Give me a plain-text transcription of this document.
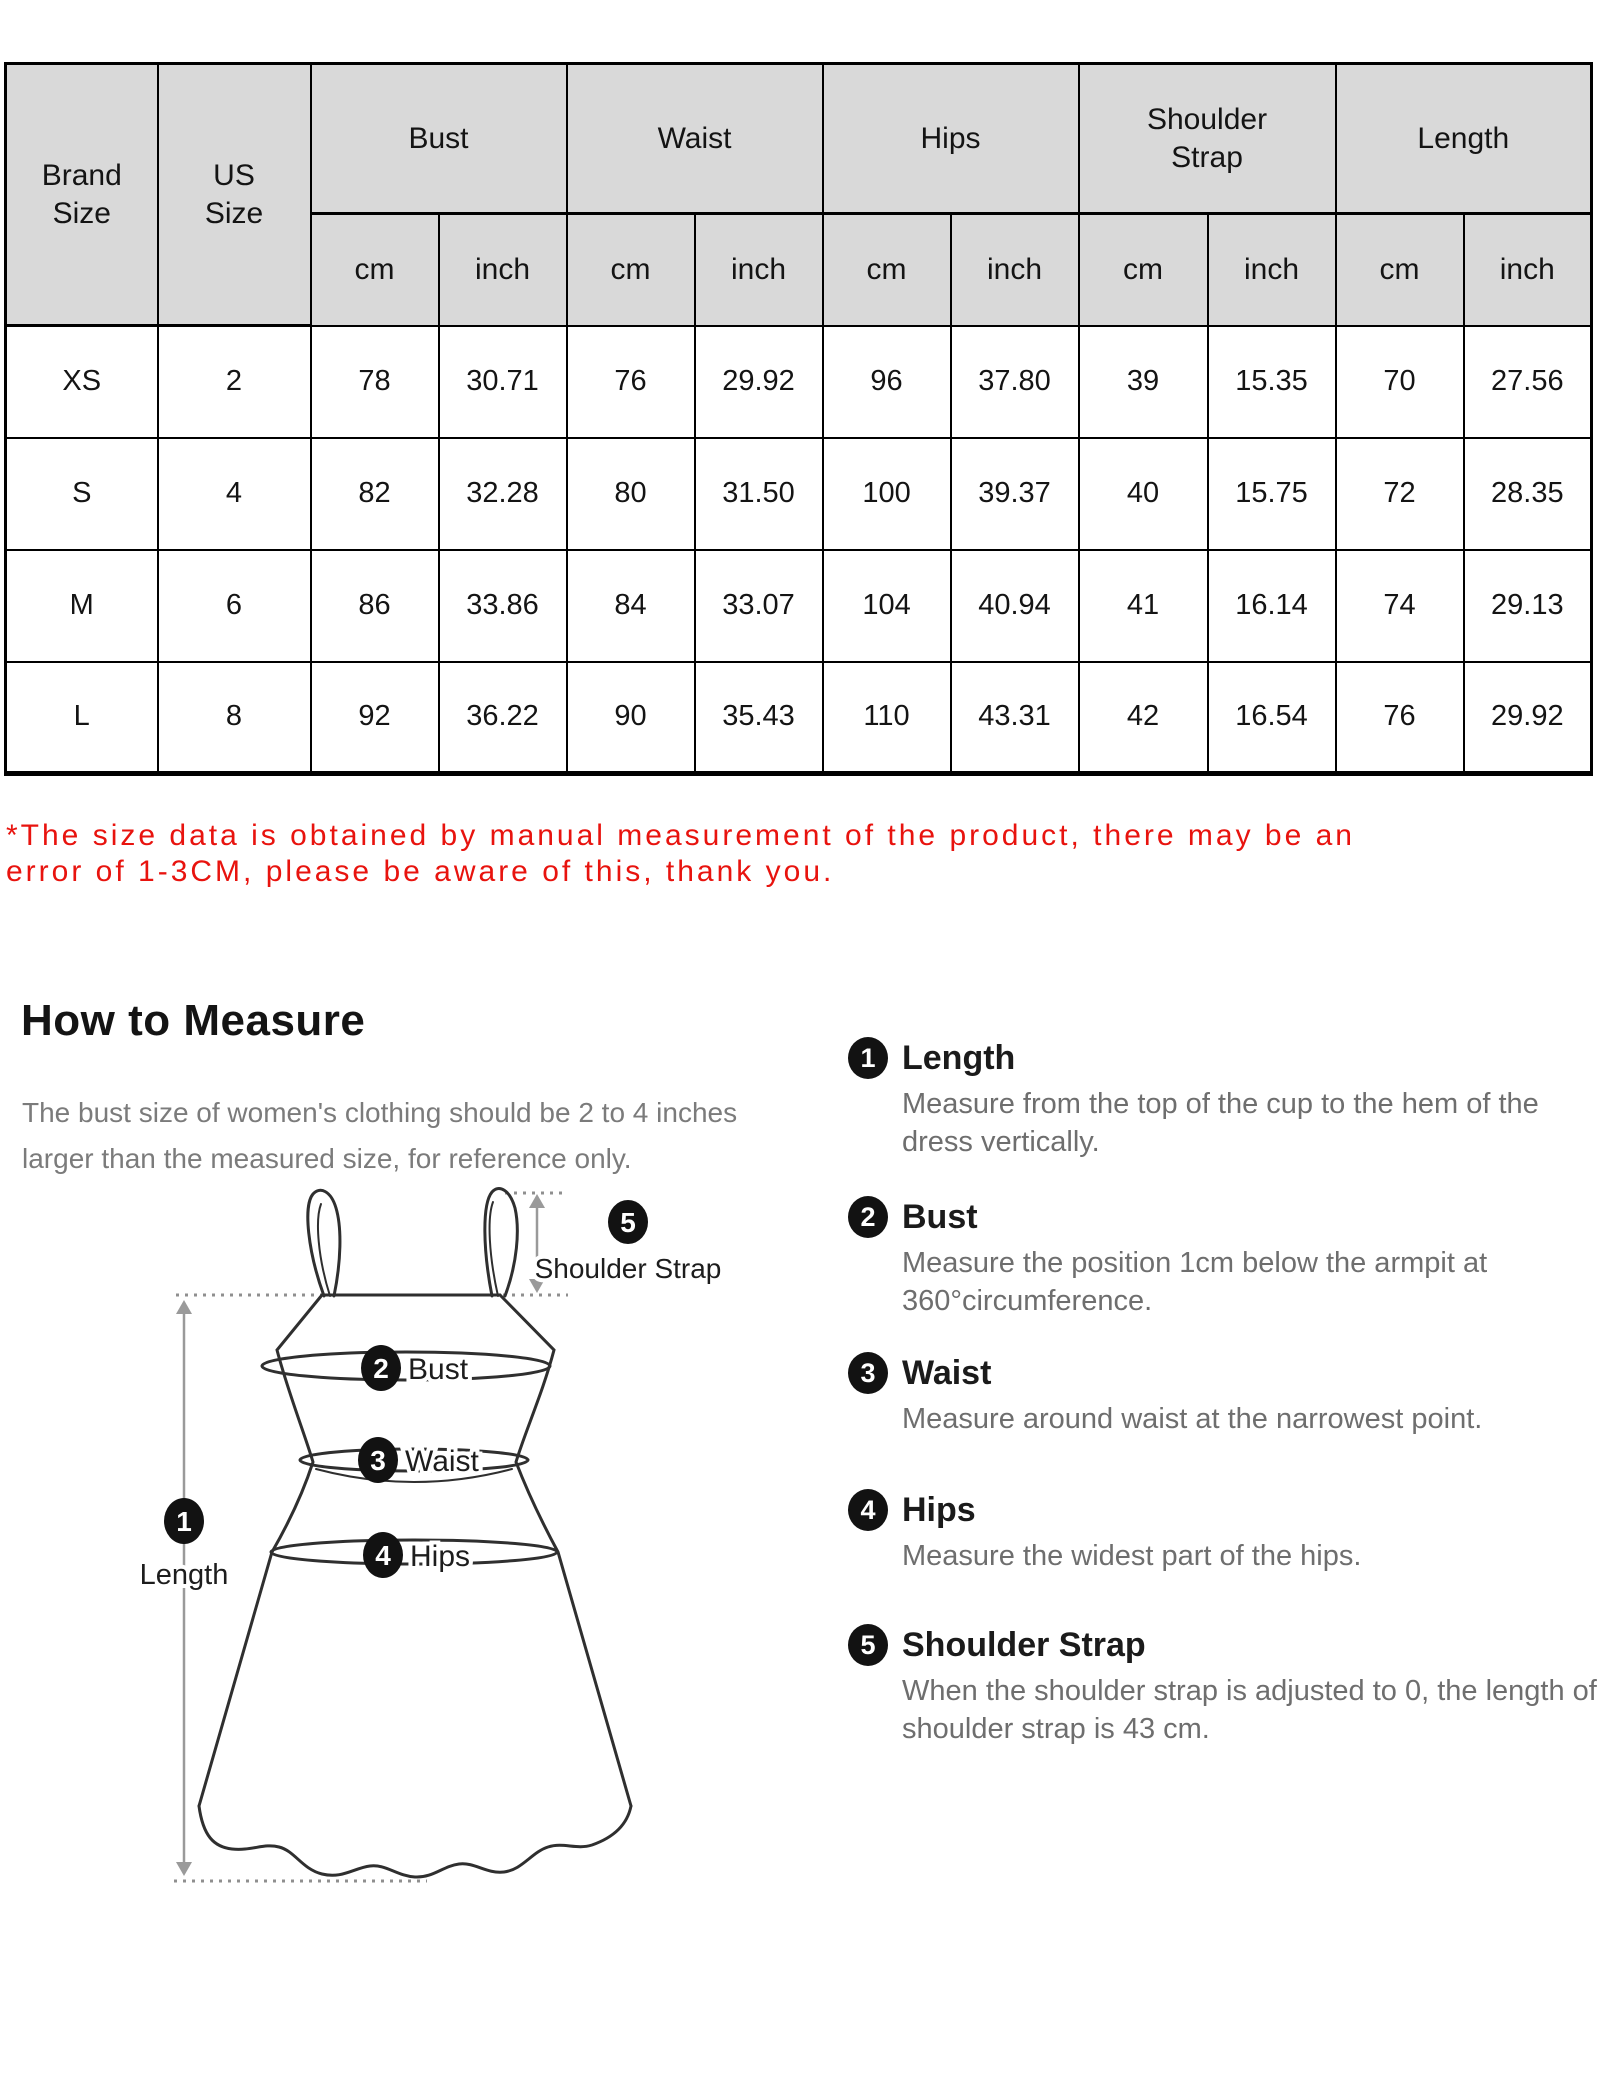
Brand Size	US Size	Bust		Waist		Hips		Shoulder Strap		Length	
		cm	inch	cm	inch	cm	inch	cm	inch	cm	inch
XS	2	78	30.71	76	29.92	96	37.80	39	15.35	70	27.56
S	4	82	32.28	80	31.50	100	39.37	40	15.75	72	28.35
M	6	86	33.86	84	33.07	104	40.94	41	16.14	74	29.13
L	8	92	36.22	90	35.43	110	43.31	42	16.54	76	29.92
*The size data is obtained by manual measurement of the product, there may be an
error of 1-3CM, please be aware of this, thank you.
How to Measure
The bust size of women's clothing should be 2 to 4 inches larger than the measured size, for reference only.
2 Bust
3 Waist
4 Hips
1
Length
5
Shoulder Strap
1 Length
Measure from the top of the cup to the hem of the dress vertically.
2 Bust
Measure the position 1cm below the armpit at 360°circumference.
3 Waist
Measure around waist at the narrowest point.
4 Hips
Measure the widest part of the hips.
5 Shoulder Strap
When the shoulder strap is adjusted to 0, the length of shoulder strap is 43 cm.
